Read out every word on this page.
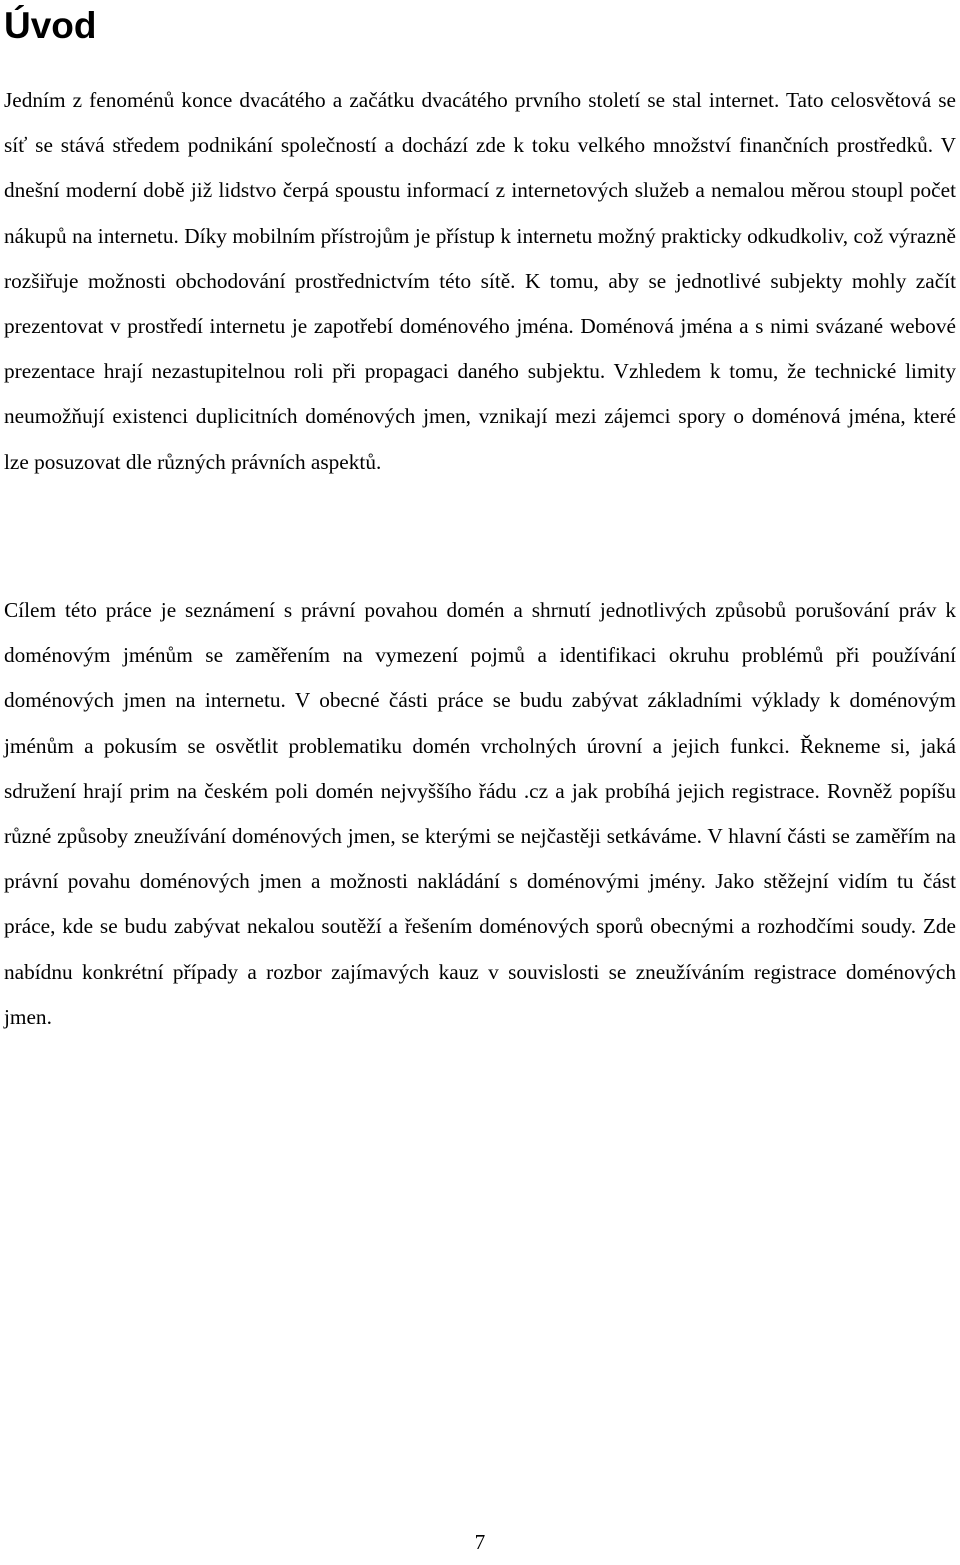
Úvod

Jedním z fenoménů konce dvacátého a začátku dvacátého prvního století se stal internet. Tato celosvětová se síť se stává středem podnikání společností a dochází zde k toku velkého množství finančních prostředků. V dnešní moderní době již lidstvo čerpá spoustu informací z internetových služeb a nemalou měrou stoupl počet nákupů na internetu. Díky mobilním přístrojům je přístup k internetu možný prakticky odkudkoliv, což výrazně rozšiřuje možnosti obchodování prostřednictvím této sítě. K tomu, aby se jednotlivé subjekty mohly začít prezentovat v prostředí internetu je zapotřebí doménového jména. Doménová jména a s nimi svázané webové prezentace hrají nezastupitelnou roli při propagaci daného subjektu. Vzhledem k tomu, že technické limity neumožňují existenci duplicitních doménových jmen, vznikají mezi zájemci spory o doménová jména, které lze posuzovat dle různých právních aspektů.

Cílem této práce je seznámení s právní povahou domén a shrnutí jednotlivých způsobů porušování práv k doménovým jménům se zaměřením na vymezení pojmů a identifikaci okruhu problémů při používání doménových jmen na internetu. V obecné části práce se budu zabývat základními výklady k doménovým jménům a pokusím se osvětlit problematiku domén vrcholných úrovní a jejich funkci. Řekneme si, jaká sdružení hrají prim na českém poli domén nejvyššího řádu .cz a jak probíhá jejich registrace. Rovněž popíšu různé způsoby zneužívání doménových jmen, se kterými se nejčastěji setkáváme. V hlavní části se zaměřím na právní povahu doménových jmen a možnosti nakládání s doménovými jmény. Jako stěžejní vidím tu část práce, kde se budu zabývat nekalou soutěží a řešením doménových sporů obecnými a rozhodčími soudy. Zde nabídnu konkrétní případy a rozbor zajímavých kauz v souvislosti se zneužíváním registrace doménových jmen.

7
